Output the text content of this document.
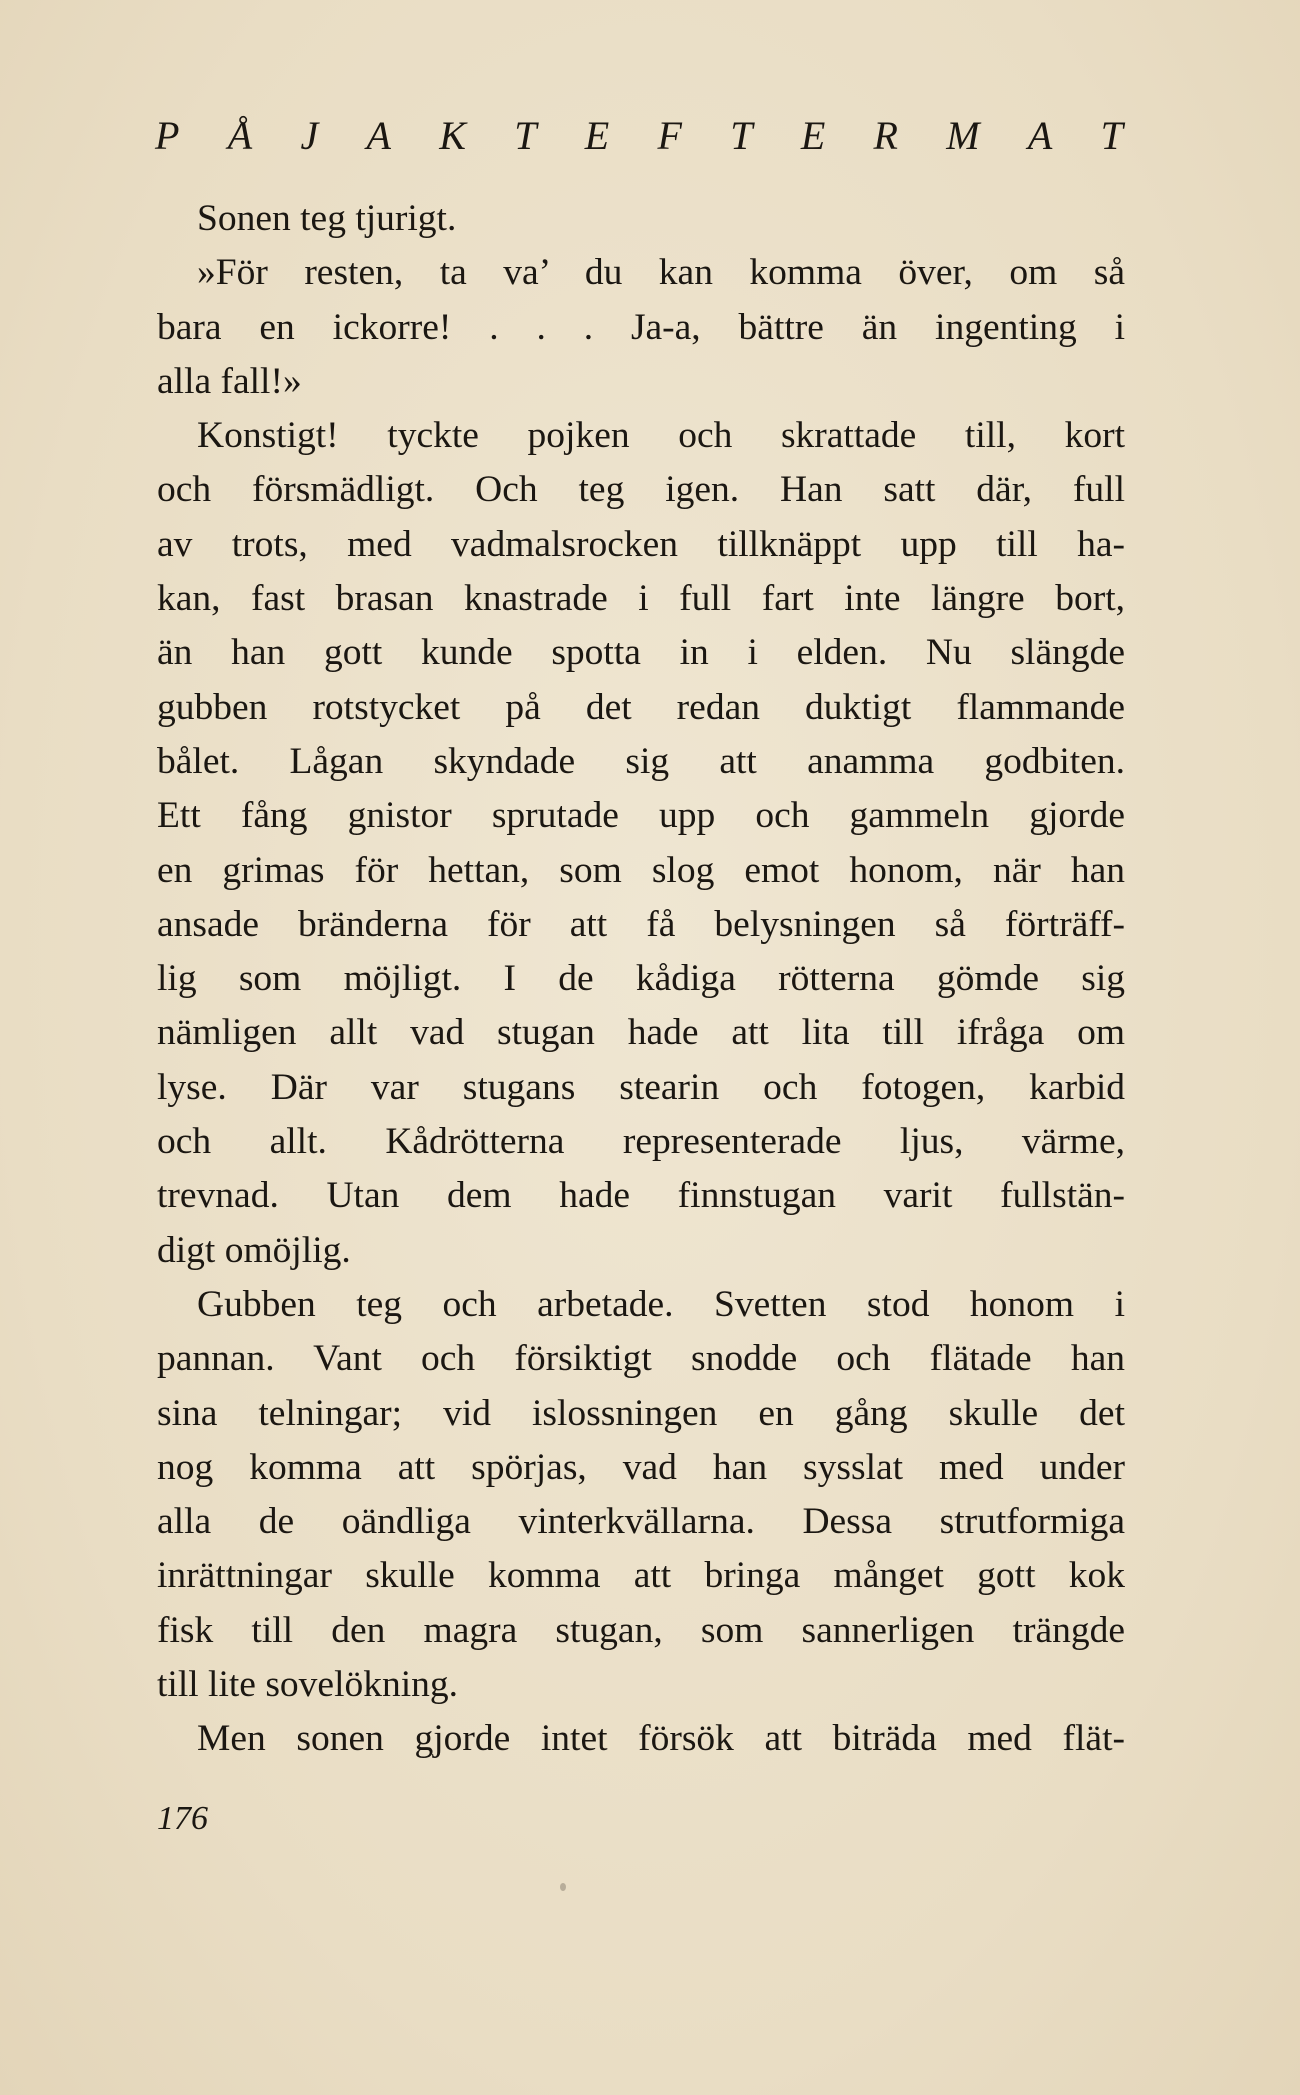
P Å J A K T E F T E R M A T
Sonen teg tjurigt.
»För resten, ta va’ du kan komma över, om så
bara en ickorre! . . . Ja-a, bättre än ingenting i
alla fall!»
Konstigt! tyckte pojken och skrattade till, kort
och försmädligt. Och teg igen. Han satt där, full
av trots, med vadmalsrocken tillknäppt upp till ha-
kan, fast brasan knastrade i full fart inte längre bort,
än han gott kunde spotta in i elden. Nu slängde
gubben rotstycket på det redan duktigt flammande
bålet. Lågan skyndade sig att anamma godbiten.
Ett fång gnistor sprutade upp och gammeln gjorde
en grimas för hettan, som slog emot honom, när han
ansade bränderna för att få belysningen så förträff-
lig som möjligt. I de kådiga rötterna gömde sig
nämligen allt vad stugan hade att lita till ifråga om
lyse. Där var stugans stearin och fotogen, karbid
och allt. Kådrötterna representerade ljus, värme,
trevnad. Utan dem hade finnstugan varit fullstän-
digt omöjlig.
Gubben teg och arbetade. Svetten stod honom i
pannan. Vant och försiktigt snodde och flätade han
sina telningar; vid islossningen en gång skulle det
nog komma att spörjas, vad han sysslat med under
alla de oändliga vinterkvällarna. Dessa strutformiga
inrättningar skulle komma att bringa månget gott kok
fisk till den magra stugan, som sannerligen trängde
till lite sovelökning.
Men sonen gjorde intet försök att biträda med flät-
176
